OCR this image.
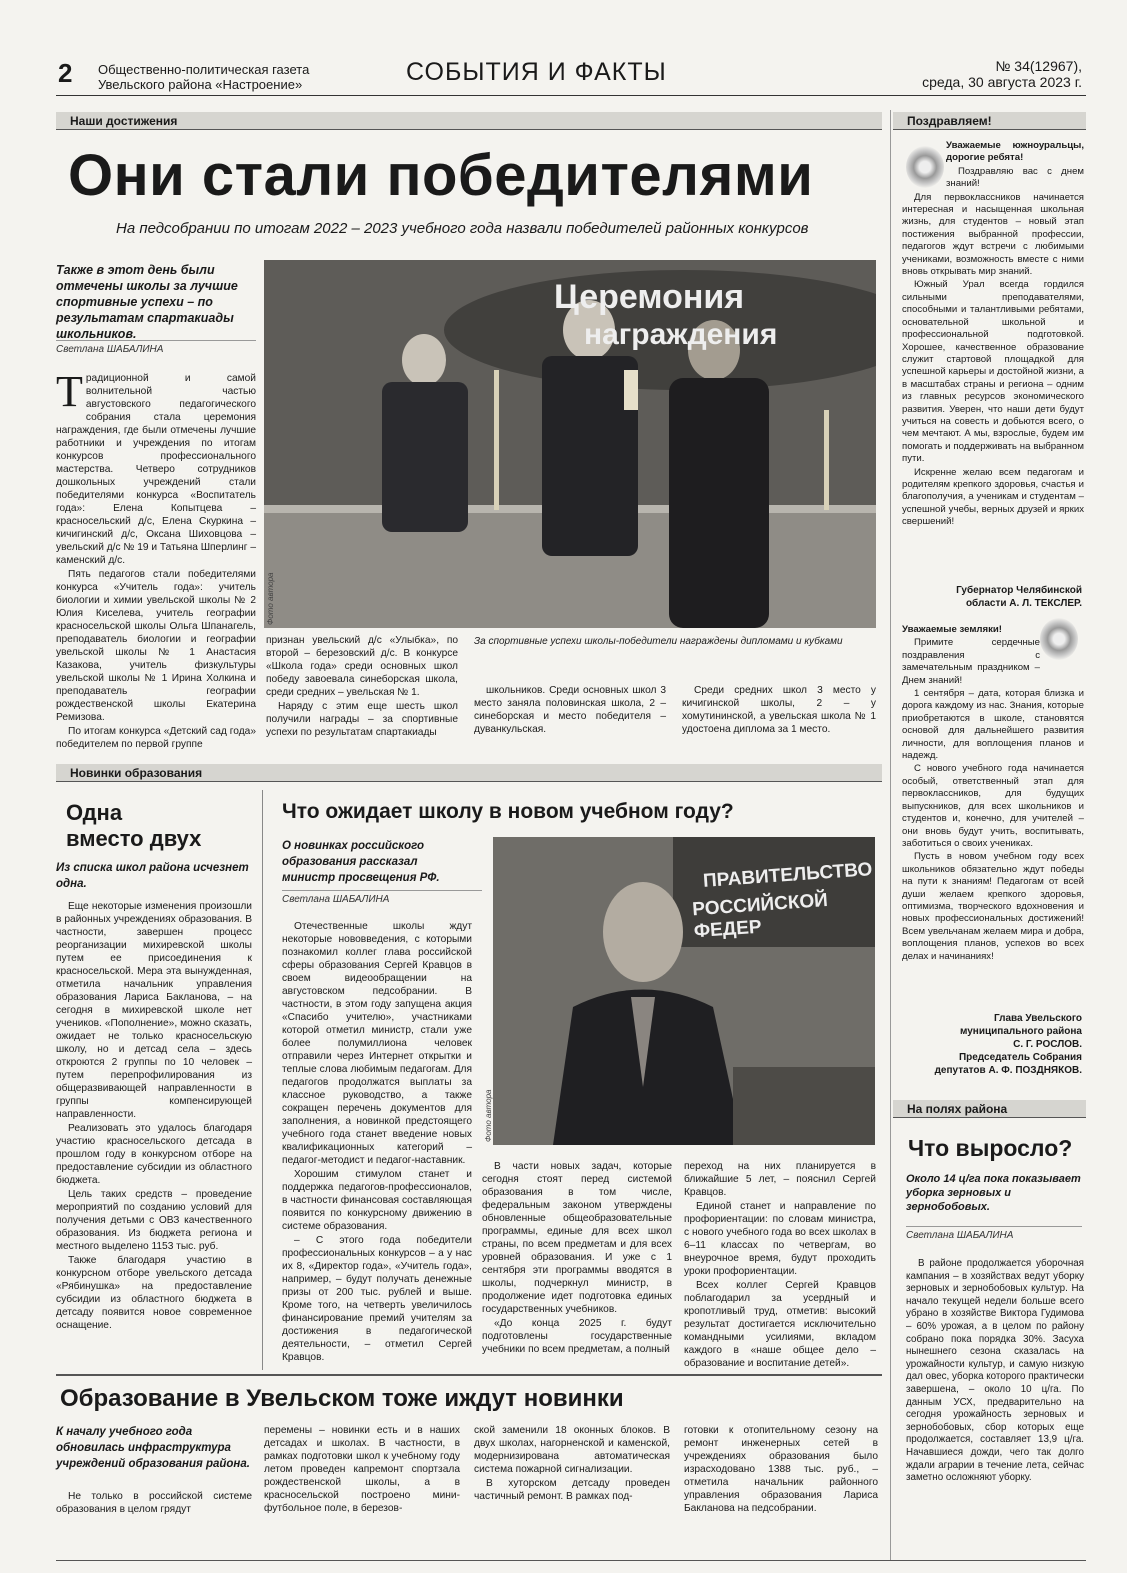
2 Общественно-политическая газета
Увельского района «Настроение»	СОБЫТИЯ И ФАКТЫ	№ 34(12967),
среда, 30 августа 2023 г.
Наши достижения	Поздравляем!
Они стали победителями
На педсобрании по итогам 2022 – 2023 учебного года назвали победителей районных конкурсов
Также в этот день были отмечены школы за лучшие спортивные успехи – по результатам спартакиады школьников.
Светлана ШАБАЛИНА

Традиционной и самой волнительной частью августовского педагогического собрания стала церемония награждения, где были отмечены лучшие работники и учреждения по итогам конкурсов профессионального мастерства. Четверо сотрудников дошкольных учреждений стали победителями конкурса «Воспитатель года»: Елена Копытцева – красносельский д/с, Елена Скуркина – кичигинский д/с, Оксана Шиховцова – увельский д/с № 19 и Татьяна Шперлинг – каменский д/с.

Пять педагогов стали победителями конкурса «Учитель года»: учитель биологии и химии увельской школы № 2 Юлия Киселева, учитель географии красносельской школы Ольга Шпанагель, преподаватель биологии и географии увельской школы № 1 Анастасия Казакова, учитель физкультуры увельской школы № 1 Ирина Холкина и преподаватель географии рождественской школы Екатерина Ремизова.

По итогам конкурса «Детский сад года» победителем по первой группе

Церемония
награждения
Фото автора

признан увельский д/с «Улыбка», по второй – березовский д/с. В конкурсе «Школа года» среди основных школ победу завоевала синеборская школа, среди средних – увельская № 1.

Наряду с этим еще шесть школ получили награды – за спортивные успехи по результатам спартакиады

За спортивные успехи школы-победители награждены дипломами и кубками

школьников. Среди основных школ 3 место заняла половинская школа, 2 – синеборская и место победителя – дуванкульская.

Среди средних школ 3 место у кичигинской школы, 2 – у хомутининской, а увельская школа № 1 удостоена диплома за 1 место.

Новинки образования
Одна
вместо двух
Из списка школ района исчезнет одна.

Еще некоторые изменения произошли в районных учреждениях образования. В частности, завершен процесс реорганизации михиревской школы путем ее присоединения к красносельской. Мера эта вынужденная, отметила начальник управления образования Лариса Бакланова, – на сегодня в михиревской школе нет учеников. «Пополнение», можно сказать, ожидает не только красносельскую школу, но и детсад села – здесь откроются 2 группы по 10 человек – путем перепрофилирования из общеразвивающей направленности в группы компенсирующей направленности.

Реализовать это удалось благодаря участию красносельского детсада в прошлом году в конкурсном отборе на предоставление субсидии из областного бюджета.

Цель таких средств – проведение мероприятий по созданию условий для получения детьми с ОВЗ качественного образования. Из бюджета региона и местного выделено 1153 тыс. руб.

Также благодаря участию в конкурсном отборе увельского детсада «Рябинушка» на предоставление субсидии из областного бюджета в детсаду появится новое современное оснащение.

Что ожидает школу в новом учебном году?
О новинках российского образования рассказал министр просвещения РФ.
Светлана ШАБАЛИНА

Отечественные школы ждут некоторые нововведения, с которыми познакомил коллег глава российской сферы образования Сергей Кравцов в своем видеообращении на августовском педсобрании. В частности, в этом году запущена акция «Спасибо учителю», участниками которой отметил министр, стали уже более полумиллиона человек отправили через Интернет открытки и теплые слова любимым педагогам. Для педагогов продолжатся выплаты за классное руководство, а также сокращен перечень документов для заполнения, а новинкой предстоящего учебного года станет введение новых квалификационных категорий – педагог-методист и педагог-наставник.

Хорошим стимулом станет и поддержка педагогов-профессионалов, в частности финансовая составляющая появится по конкурсному движению в системе образования.

– С этого года победители профессиональных конкурсов – а у нас их 8, «Директор года», «Учитель года», например, – будут получать денежные призы от 200 тыс. рублей и выше. Кроме того, на четверть увеличилось финансирование премий учителям за достижения в педагогической деятельности, – отметил Сергей Кравцов.

ПРАВИТЕЛЬСТВО
РОССИЙСКОЙ ФЕДЕР
Фото автора

В части новых задач, которые сегодня стоят перед системой образования в том числе, федеральным законом утверждены обновленные общеобразовательные программы, единые для всех школ страны, по всем предметам и для всех уровней образования. И уже с 1 сентября эти программы вводятся в школы, подчеркнул министр, в продолжение идет подготовка единых государственных учебников.

«До конца 2025 г. будут подготовлены государственные учебники по всем предметам, а полный

переход на них планируется в ближайшие 5 лет, – пояснил Сергей Кравцов.

Единой станет и направление по профориентации: по словам министра, с нового учебного года во всех школах в 6–11 классах по четвергам, во внеурочное время, будут проходить уроки профориентации.

Всех коллег Сергей Кравцов поблагодарил за усердный и кропотливый труд, отметив: высокий результат достигается исключительно командными усилиями, вкладом каждого в «наше общее дело – образование и воспитание детей».

Образование в Увельском тоже иждут новинки
К началу учебного года обновилась инфраструктура учреждений образования района.

Не только в российской системе образования в целом грядут

перемены – новинки есть и в наших детсадах и школах. В частности, в рамках подготовки школ к учебному году летом проведен капремонт спортзала рождественской школы, а в красносельской построено мини-футбольное поле, в березов-

ской заменили 18 оконных блоков. В двух школах, нагорненской и каменской, модернизирована автоматическая система пожарной сигнализации.

В хуторском детсаду проведен частичный ремонт. В рамках под-

готовки к отопительному сезону на ремонт инженерных сетей в учреждениях образования было израсходовано 1388 тыс. руб., – отметила начальник районного управления образования Лариса Бакланова на педсобрании.

Уважаемые южноуральцы, дорогие ребята!

Поздравляю вас с днем знаний!

Для первоклассников начинается интересная и насыщенная школьная жизнь, для студентов – новый этап постижения выбранной профессии, педагогов ждут встречи с любимыми учениками, возможность вместе с ними вновь открывать мир знаний.

Южный Урал всегда гордился сильными преподавателями, способными и талантливыми ребятами, основательной школьной и профессиональной подготовкой. Хорошее, качественное образование служит стартовой площадкой для успешной карьеры и достойной жизни, а в масштабах страны и региона – одним из главных ресурсов экономического развития. Уверен, что наши дети будут учиться на совесть и добьются всего, о чем мечтают. А мы, взрослые, будем им помогать и поддерживать на выбранном пути.

Искренне желаю всем педагогам и родителям крепкого здоровья, счастья и благополучия, а ученикам и студентам – успешной учебы, верных друзей и ярких свершений!

Губернатор Челябинской
области А. Л. ТЕКСЛЕР.

Уважаемые земляки!

Примите сердечные поздравления с замечательным праздником – Днем знаний!

1 сентября – дата, которая близка и дорога каждому из нас. Знания, которые приобретаются в школе, становятся основой для дальнейшего развития личности, для воплощения планов и надежд.

С нового учебного года начинается особый, ответственный этап для первоклассников, для будущих выпускников, для всех школьников и студентов и, конечно, для учителей – они вновь будут учить, воспитывать, заботиться о своих учениках.

Пусть в новом учебном году всех школьников обязательно ждут победы на пути к знаниям! Педагогам от всей души желаем крепкого здоровья, оптимизма, творческого вдохновения и новых профессиональных достижений! Всем увельчанам желаем мира и добра, воплощения планов, успехов во всех делах и начинаниях!

Глава Увельского
муниципального района
С. Г. РОСЛОВ.
Председатель Собрания
депутатов А. Ф. ПОЗДНЯКОВ.
На полях района
Что выросло?
Около 14 ц/га пока показывает уборка зерновых и зернобобовых.
Светлана ШАБАЛИНА

В районе продолжается уборочная кампания – в хозяйствах ведут уборку зерновых и зернобобовых культур. На начало текущей недели больше всего убрано в хозяйстве Виктора Гудимова – 60% урожая, а в целом по району собрано пока порядка 30%. Засуха нынешнего сезона сказалась на урожайности культур, и самую низкую дал овес, уборка которого практически завершена, – около 10 ц/га. По данным УСХ, предварительно на сегодня урожайность зерновых и зернобобовых, сбор которых еще продолжается, составляет 13,9 ц/га. Начавшиеся дожди, чего так долго ждали аграрии в течение лета, сейчас заметно осложняют уборку.
